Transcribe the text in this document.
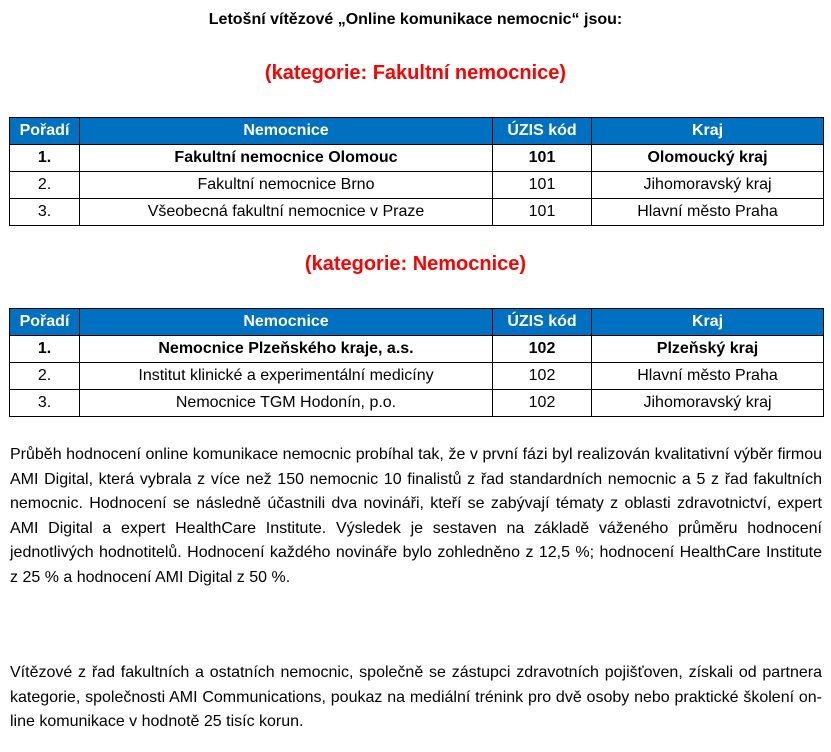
Letošní vítězové „Online komunikace nemocnic“ jsou:
(kategorie: Fakultní nemocnice)
Pořadí	Nemocnice	ÚZIS kód	Kraj
1.	Fakultní nemocnice Olomouc	101	Olomoucký kraj
2.	Fakultní nemocnice Brno	101	Jihomoravský kraj
3.	Všeobecná fakultní nemocnice v Praze	101	Hlavní město Praha
(kategorie: Nemocnice)
Pořadí	Nemocnice	ÚZIS kód	Kraj
1.	Nemocnice Plzeňského kraje, a.s.	102	Plzeňský kraj
2.	Institut klinické a experimentální medicíny	102	Hlavní město Praha
3.	Nemocnice TGM Hodonín, p.o.	102	Jihomoravský kraj

Průběh hodnocení online komunikace nemocnic probíhal tak, že v první fázi byl realizován kvalitativní výběr firmou AMI Digital, která vybrala z více než 150 nemocnic 10 finalistů z řad standardních nemocnic a 5 z řad fakultních nemocnic. Hodnocení se následně účastnili dva novináři, kteří se zabývají tématy z oblasti zdravotnictví, expert AMI Digital a expert HealthCare Institute. Výsledek je sestaven na základě váženého průměru hodnocení jednotlivých hodnotitelů. Hodnocení každého novináře bylo zohledněno z 12,5 %; hodnocení HealthCare Institute z 25 % a hodnocení AMI Digital z 50 %.

Vítězové z řad fakultních a ostatních nemocnic, společně se zástupci zdravotních pojišťoven, získali od partnera kategorie, společnosti AMI Communications, poukaz na mediální trénink pro dvě osoby nebo praktické školení on-line komunikace v hodnotě 25 tisíc korun.
